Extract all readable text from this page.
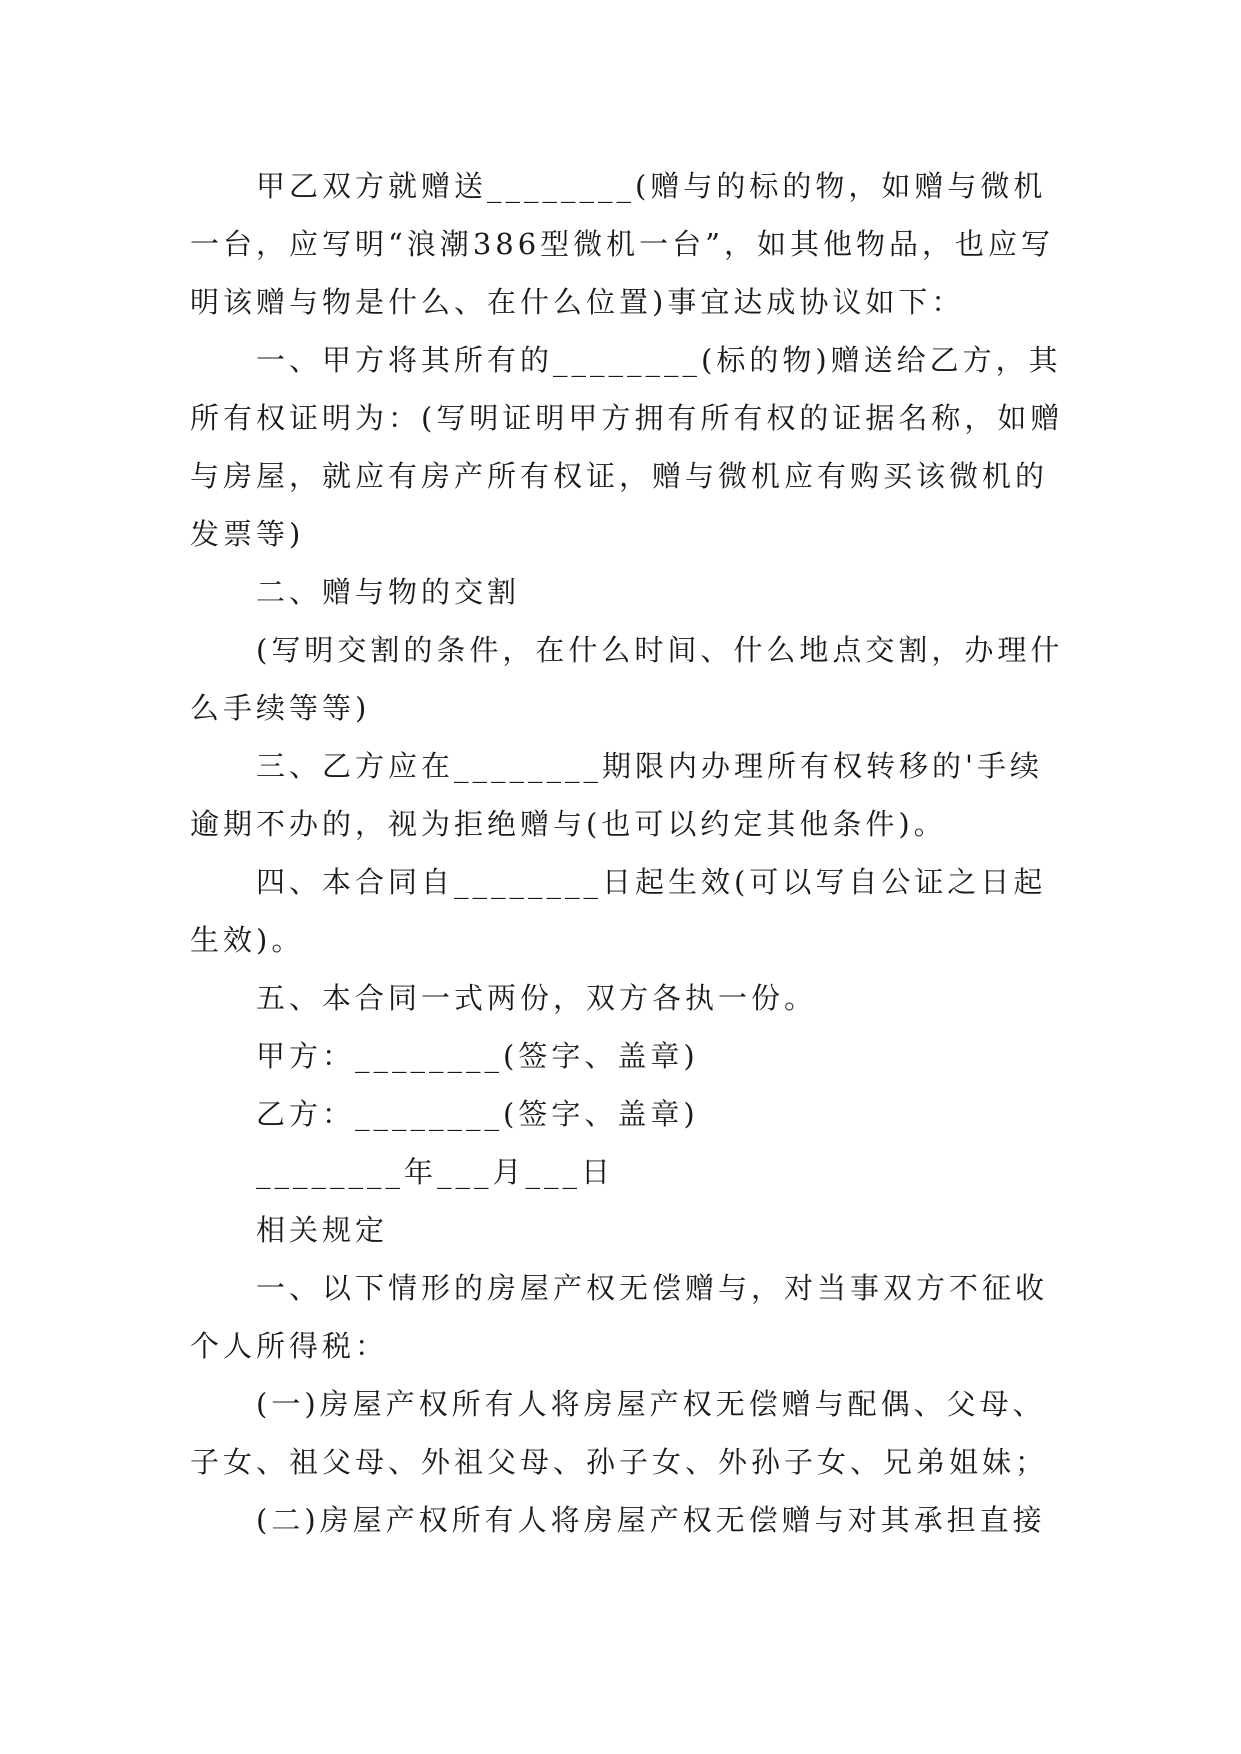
甲乙双方就赠送________(赠与的标的物，如赠与微机一台，应写明“浪潮386型微机一台”，如其他物品，也应写明该赠与物是什么、在什么位置)事宜达成协议如下：

一、甲方将其所有的________(标的物)赠送给乙方，其所有权证明为：(写明证明甲方拥有所有权的证据名称，如赠与房屋，就应有房产所有权证，赠与微机应有购买该微机的发票等)

二、赠与物的交割

(写明交割的条件，在什么时间、什么地点交割，办理什么手续等等)

三、乙方应在________期限内办理所有权转移的'手续逾期不办的，视为拒绝赠与(也可以约定其他条件)。

四、本合同自________日起生效(可以写自公证之日起生效)。

五、本合同一式两份，双方各执一份。

甲方：________(签字、盖章)

乙方：________(签字、盖章)

________年___月___日

相关规定

一、以下情形的房屋产权无偿赠与，对当事双方不征收个人所得税：

(一)房屋产权所有人将房屋产权无偿赠与配偶、父母、子女、祖父母、外祖父母、孙子女、外孙子女、兄弟姐妹；

(二)房屋产权所有人将房屋产权无偿赠与对其承担直接
